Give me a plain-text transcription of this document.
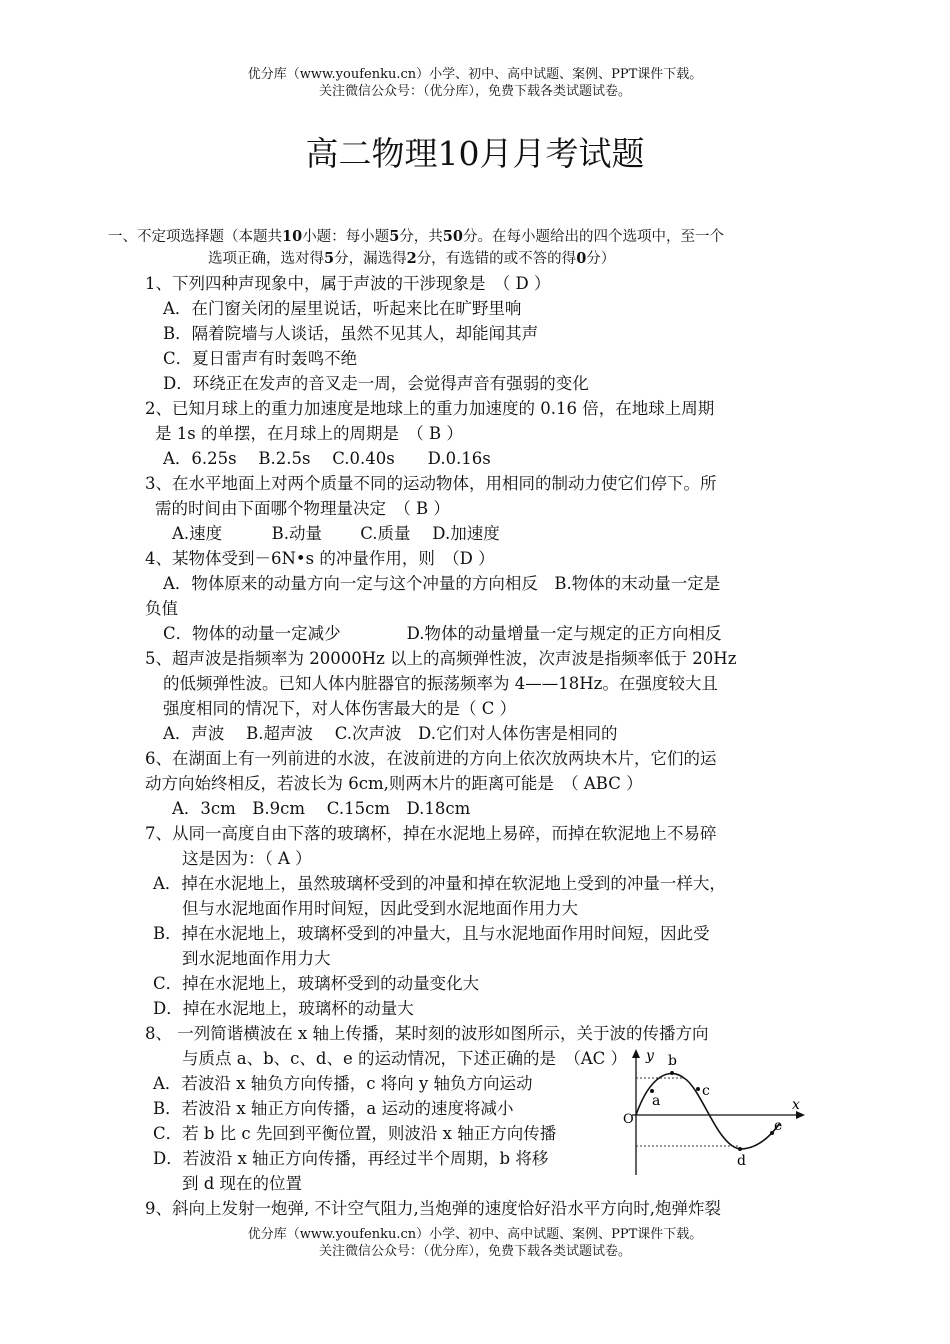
优分库（www.youfenku.cn）小学、初中、高中试题、案例、PPT课件下载。
关注微信公众号：（优分库），免费下载各类试题试卷。
高二物理10月月考试题
一、不定项选择题（本题共10小题：每小题5分，共50分。在每小题给出的四个选项中，至一个
选项正确，选对得5分，漏选得2分，有选错的或不答的得0分）
1、下列四种声现象中，属于声波的干涉现象是　（ D ）
A．在门窗关闭的屋里说话，听起来比在旷野里响
B．隔着院墙与人谈话，虽然不见其人，却能闻其声
C．夏日雷声有时轰鸣不绝
D．环绕正在发声的音叉走一周，会觉得声音有强弱的变化
2、已知月球上的重力加速度是地球上的重力加速度的 0.16 倍，在地球上周期
是 1s 的单摆，在月球上的周期是　（ B ）
A．6.25s　 B.2.5s　 C.0.40s　　D.0.16s
3、在水平地面上对两个质量不同的运动物体，用相同的制动力使它们停下。所
需的时间由下面哪个物理量决定　（ B ）
A.速度　　　B.动量　　 C.质量　 D.加速度
4、某物体受到－6N•s 的冲量作用，则　（D ）
A．物体原来的动量方向一定与这个冲量的方向相反　B.物体的末动量一定是
负值
C．物体的动量一定减少　　　　D.物体的动量增量一定与规定的正方向相反
5、超声波是指频率为 20000Hz 以上的高频弹性波，次声波是指频率低于 20Hz
的低频弹性波。已知人体内脏器官的振荡频率为 4——18Hz。在强度较大且
强度相同的情况下，对人体伤害最大的是（ C ）
A．声波　 B.超声波　 C.次声波　D.它们对人体伤害是相同的
6、在湖面上有一列前进的水波，在波前进的方向上依次放两块木片，它们的运
动方向始终相反，若波长为 6cm,则两木片的距离可能是　（ ABC ）
A．3cm　B.9cm　 C.15cm　D.18cm
7、从同一高度自由下落的玻璃杯，掉在水泥地上易碎，而掉在软泥地上不易碎
这是因为：（ A ）
A．掉在水泥地上，虽然玻璃杯受到的冲量和掉在软泥地上受到的冲量一样大，
但与水泥地面作用时间短，因此受到水泥地面作用力大
B．掉在水泥地上，玻璃杯受到的冲量大，且与水泥地面作用时间短，因此受
到水泥地面作用力大
C．掉在水泥地上，玻璃杯受到的动量变化大
D．掉在水泥地上，玻璃杯的动量大
8、 一列简谐横波在 x 轴上传播，某时刻的波形如图所示，关于波的传播方向
与质点 a、b、c、d、e 的运动情况，下述正确的是　（AC ）
A．若波沿 x 轴负方向传播，c 将向 y 轴负方向运动
B．若波沿 x 轴正方向传播，a 运动的速度将减小
C．若 b 比 c 先回到平衡位置，则波沿 x 轴正方向传播
D．若波沿 x 轴正方向传播，再经过半个周期，b 将移
到 d 现在的位置
9、斜向上发射一炮弹, 不计空气阻力,当炮弹的速度恰好沿水平方向时,炮弹炸裂
y
x
O
a
b
c
d
e
优分库（www.youfenku.cn）小学、初中、高中试题、案例、PPT课件下载。
关注微信公众号：（优分库），免费下载各类试题试卷。
